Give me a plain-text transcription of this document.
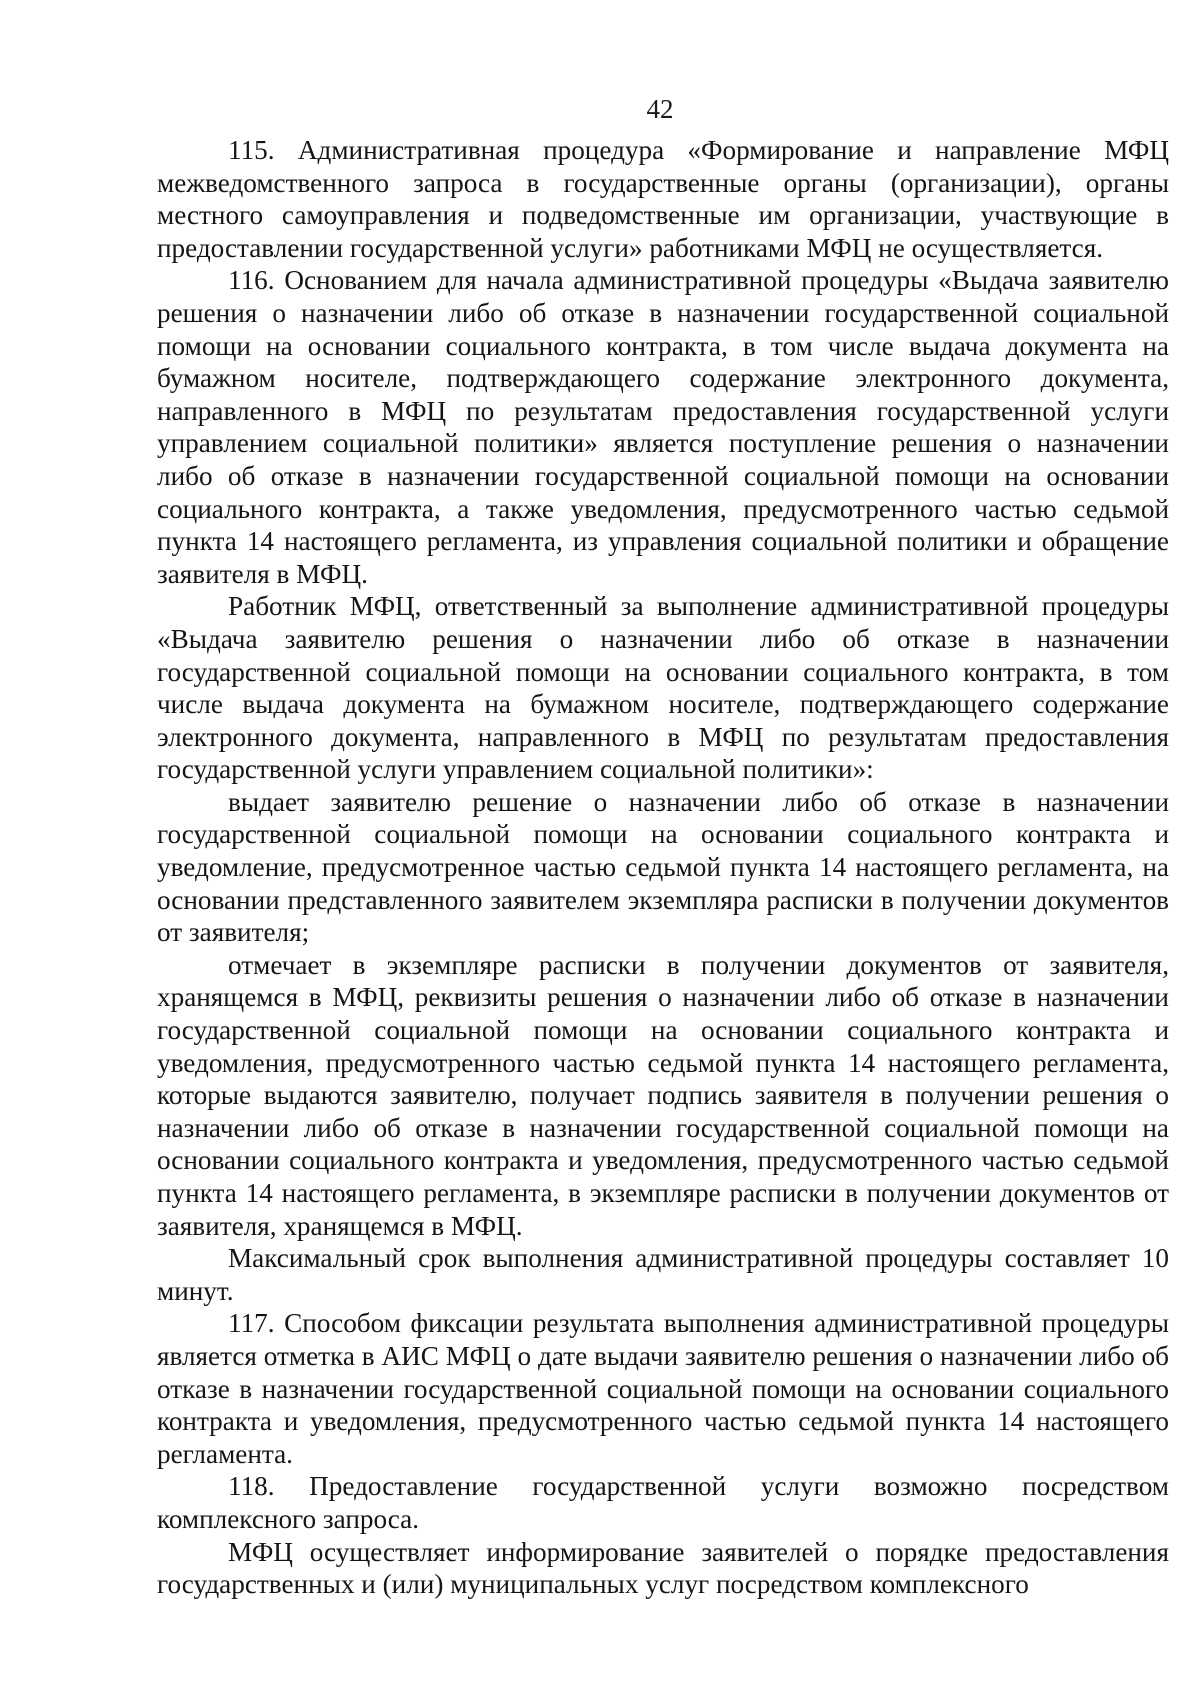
42

115. Административная процедура «Формирование и направление МФЦ межведомственного запроса в государственные органы (организации), органы местного самоуправления и подведомственные им организации, участвующие в предоставлении государственной услуги» работниками МФЦ не осуществляется.

116. Основанием для начала административной процедуры «Выдача заявителю решения о назначении либо об отказе в назначении государственной социальной помощи на основании социального контракта, в том числе выдача документа на бумажном носителе, подтверждающего содержание электронного документа, направленного в МФЦ по результатам предоставления государственной услуги управлением социальной политики» является поступление решения о назначении либо об отказе в назначении государственной социальной помощи на основании социального контракта, а также уведомления, предусмотренного частью седьмой пункта 14 настоящего регламента, из управления социальной политики и обращение заявителя в МФЦ.

Работник МФЦ, ответственный за выполнение административной процедуры «Выдача заявителю решения о назначении либо об отказе в назначении государственной социальной помощи на основании социального контракта, в том числе выдача документа на бумажном носителе, подтверждающего содержание электронного документа, направленного в МФЦ по результатам предоставления государственной услуги управлением социальной политики»:

выдает заявителю решение о назначении либо об отказе в назначении государственной социальной помощи на основании социального контракта и уведомление, предусмотренное частью седьмой пункта 14 настоящего регламента, на основании представленного заявителем экземпляра расписки в получении документов от заявителя;

отмечает в экземпляре расписки в получении документов от заявителя, хранящемся в МФЦ, реквизиты решения о назначении либо об отказе в назначении государственной социальной помощи на основании социального контракта и уведомления, предусмотренного частью седьмой пункта 14 настоящего регламента, которые выдаются заявителю, получает подпись заявителя в получении решения о назначении либо об отказе в назначении государственной социальной помощи на основании социального контракта и уведомления, предусмотренного частью седьмой пункта 14 настоящего регламента, в экземпляре расписки в получении документов от заявителя, хранящемся в МФЦ.

Максимальный срок выполнения административной процедуры составляет 10 минут.

117. Способом фиксации результата выполнения административной процедуры является отметка в АИС МФЦ о дате выдачи заявителю решения о назначении либо об отказе в назначении государственной социальной помощи на основании социального контракта и уведомления, предусмотренного частью седьмой пункта 14 настоящего регламента.

118. Предоставление государственной услуги возможно посредством комплексного запроса.

МФЦ осуществляет информирование заявителей о порядке предоставления государственных и (или) муниципальных услуг посредством комплексного
